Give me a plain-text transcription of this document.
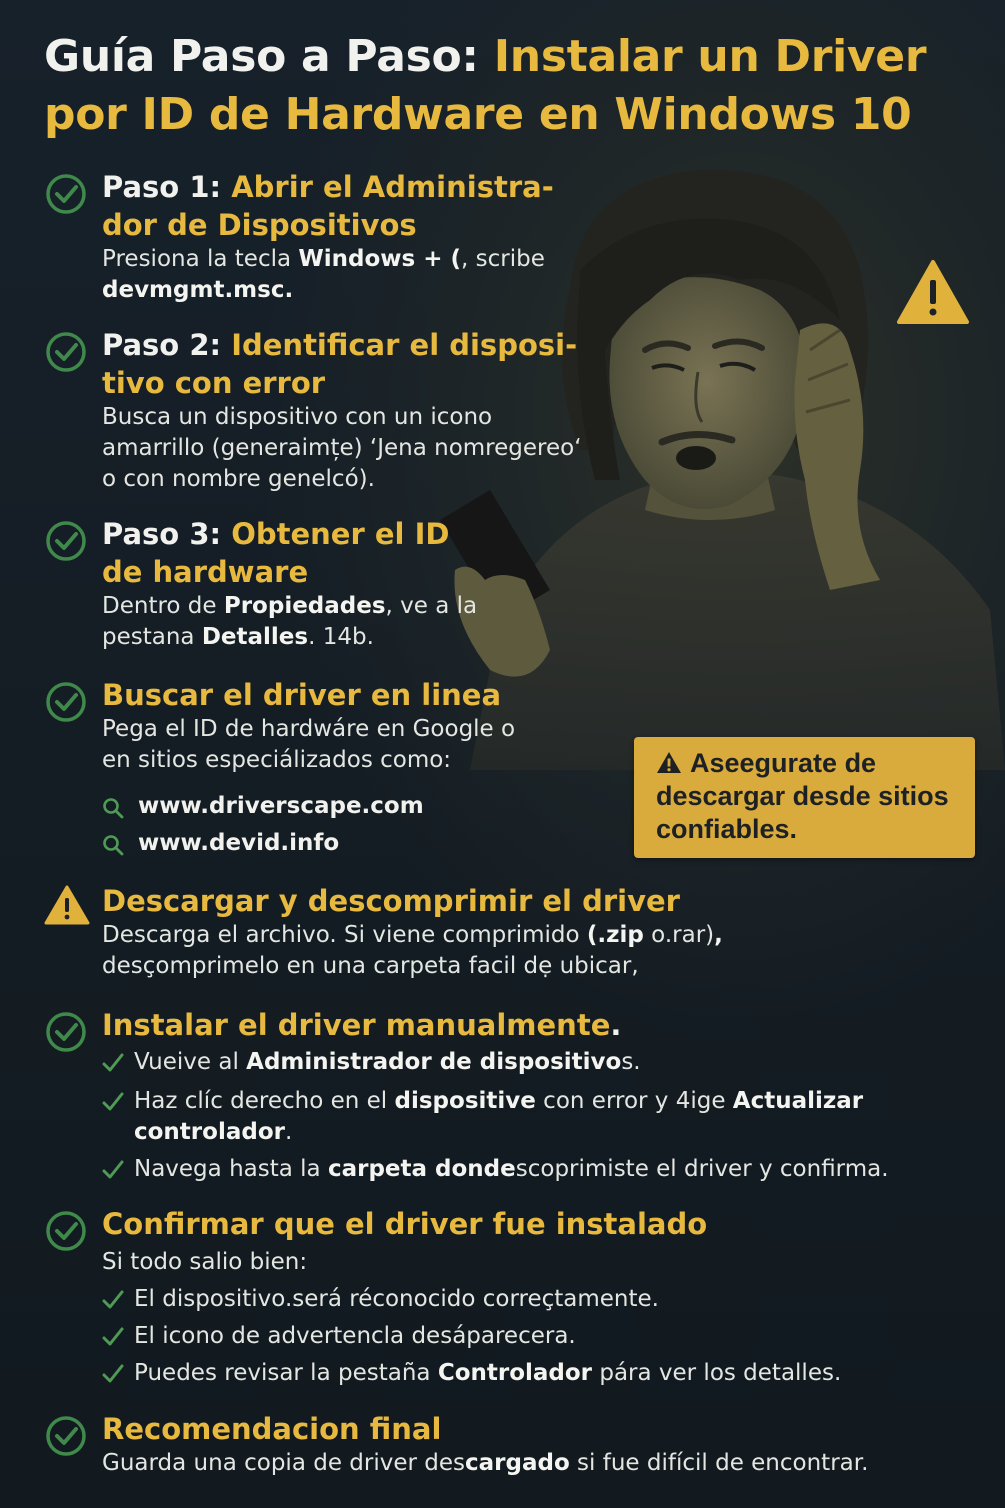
Guía Paso a Paso: Instalar un Driver por ID de Hardware en Windows 10
Paso 1: Abrir el Administra-
dor de Dispositivos

Presiona la tecla Windows + (, scribe

devmgmt.msc.

Paso 2: Identificar el disposi-
tivo con error

Busca un dispositivo con un icono

amarrillo (generaimțe) ‘Jena nomregereo‘

o con nombre genelcó).

Paso 3: Obtener el ID
de hardware

Dentro de Propiedades, ve a la

pestana Detalles. 14b.

Buscar el driver en linea

Pega el ID de hardwáre en Google o

en sitios especiálizados como:

www.driverscape.com
www.devid.info
Aseegurate de
descargar desde sitios
confiables.
Descargar y descomprimir el driver

Descarga el archivo. Si viene comprimido (.zip o.rar),

desçomprimelo en una carpeta facil dẹ ubicar,

Instalar el driver manualmente.
Vueive al Administrador de dispositivos.
Haz clíc derecho en el dispositive con error y 4ige Actualizar
controlador.
Navega hasta la carpeta dondescoprimiste el driver y confirma.
Confirmar que el driver fue instalado

Si todo salio bien:

El dispositivo.será réconocido correçtamente.
El icono de advertencla desáparecera.
Puedes revisar la pestaña Controlador pára ver los detalles.
Recomendacion final

Guarda una copia de driver descargado si fue difícil de encontrar.
